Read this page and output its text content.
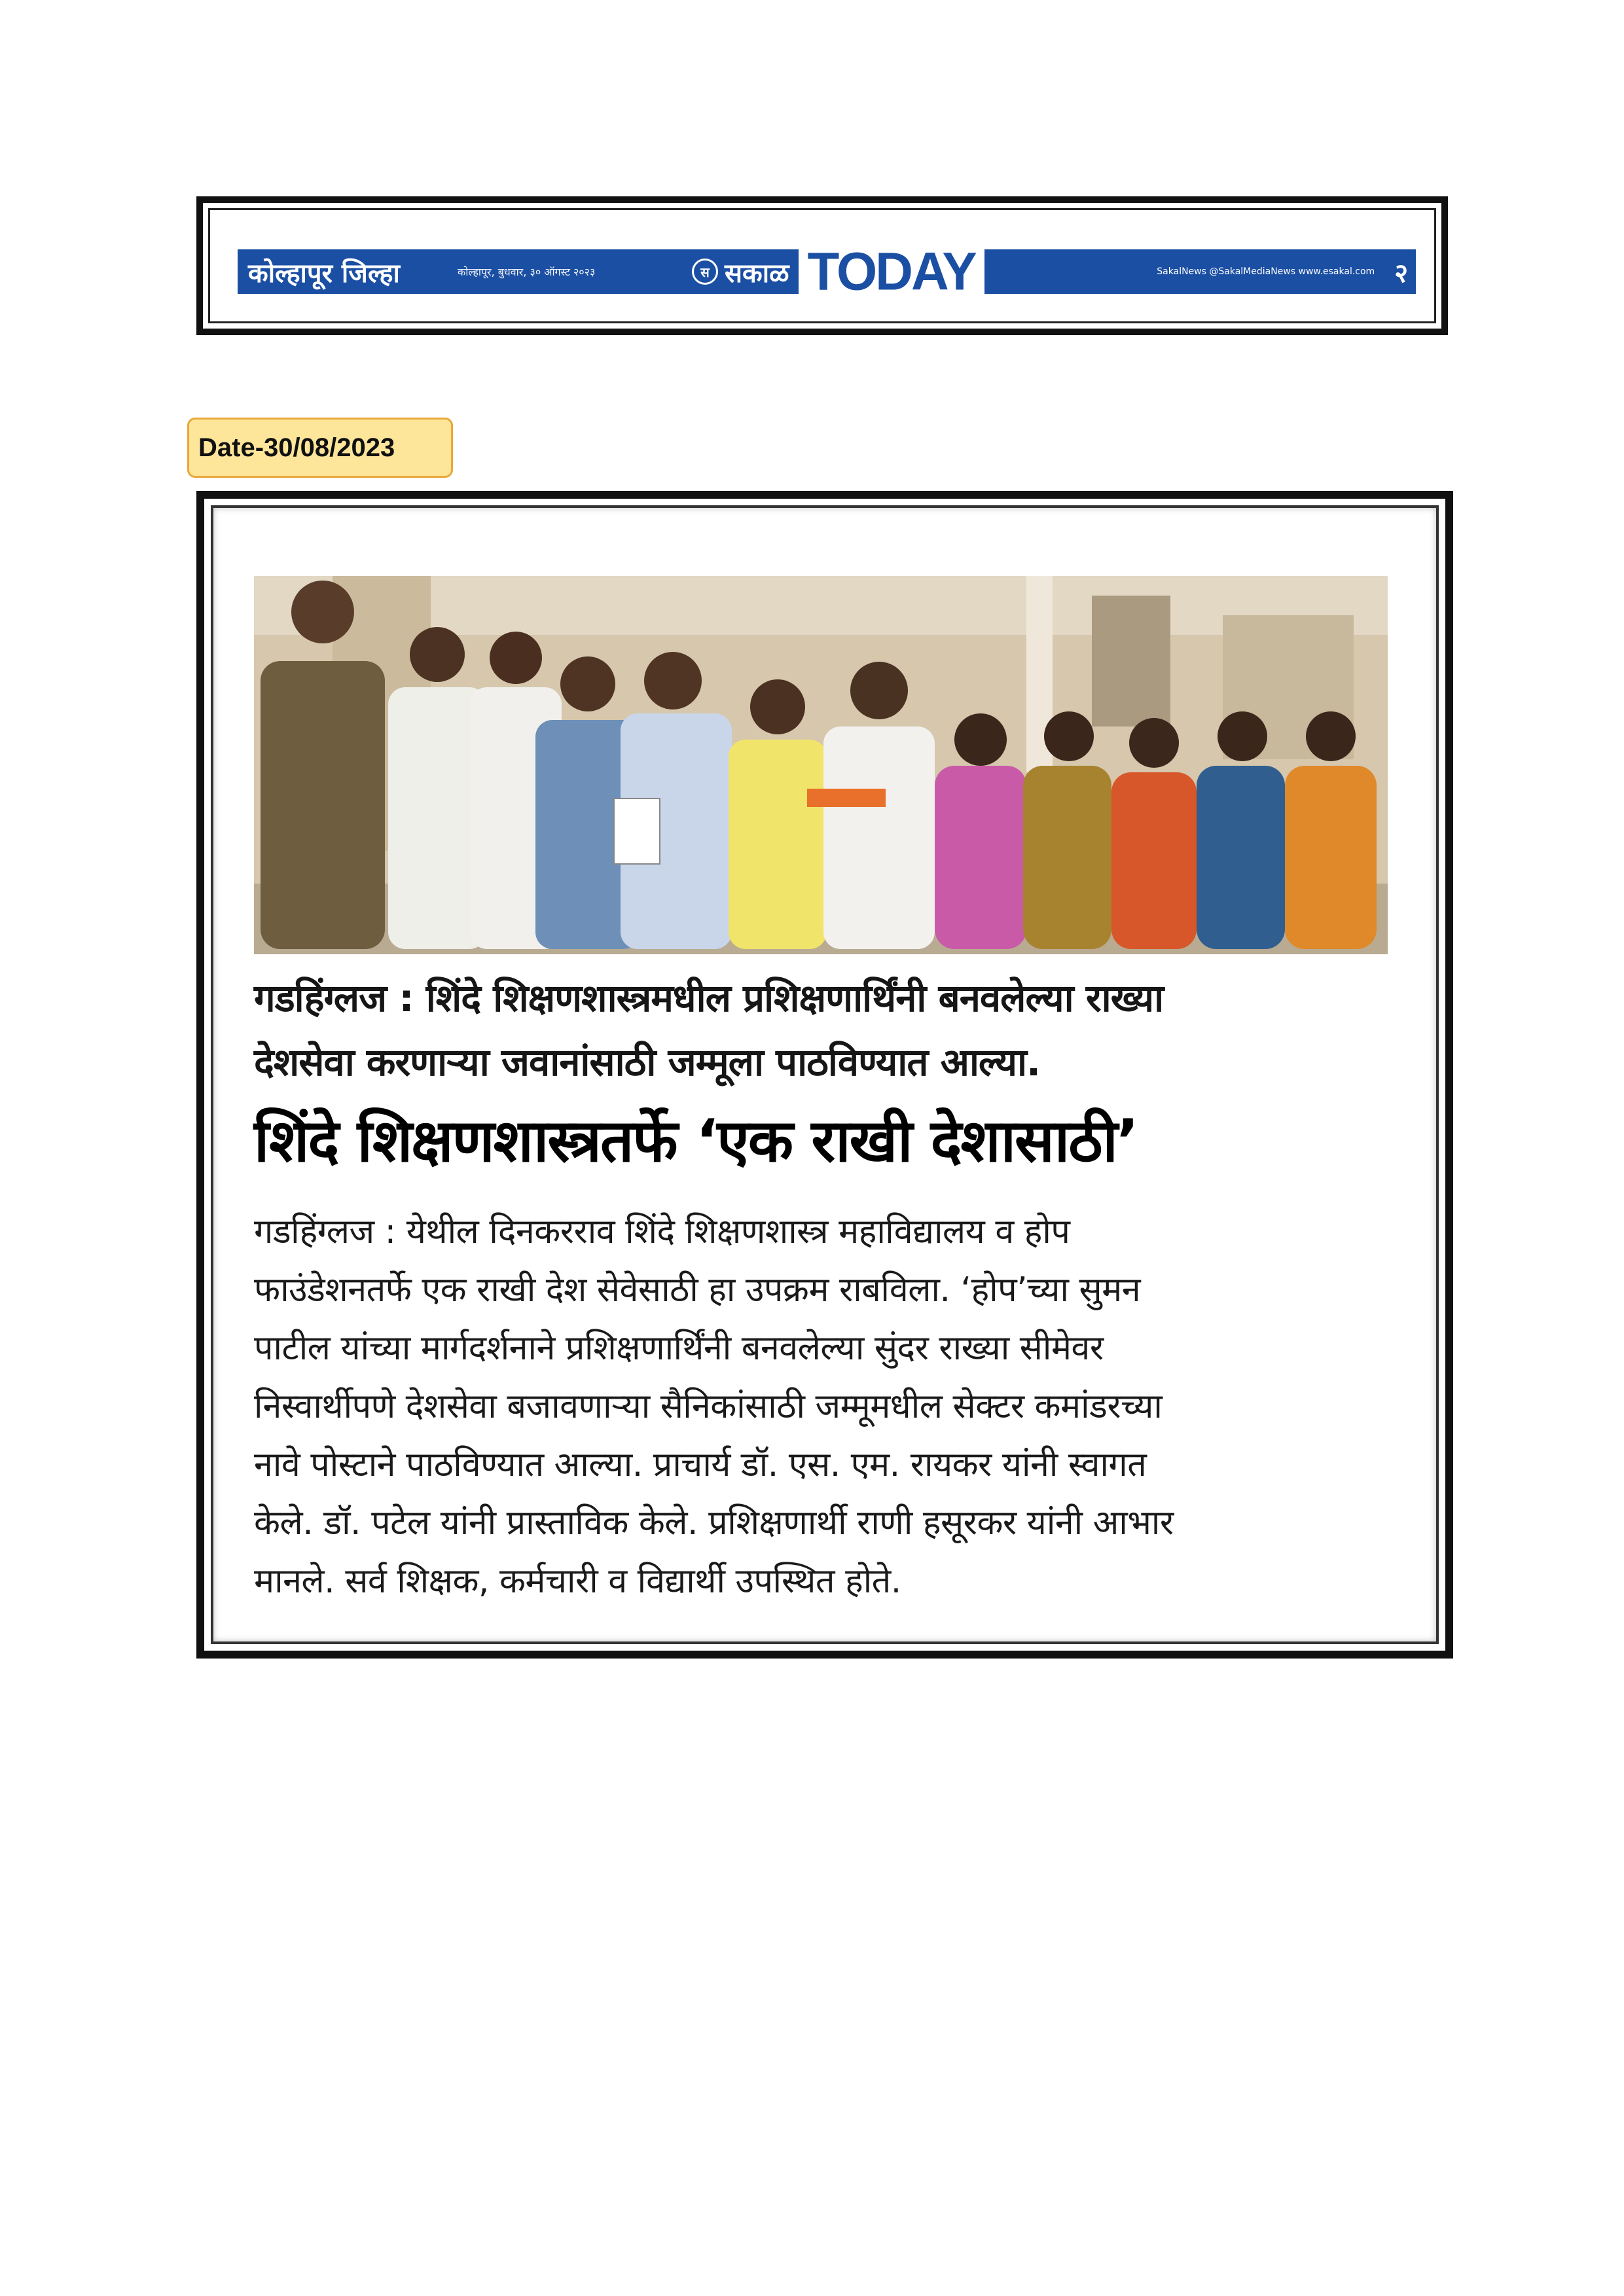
कोल्हापूर जिल्हा	कोल्हापूर, बुधवार, ३० ऑगस्ट २०२३	स सकाळ TODAY	SakalNews @SakalMediaNews www.esakal.com २
Date-30/08/2023
गडहिंग्लज : शिंदे शिक्षणशास्त्रमधील प्रशिक्षणार्थिंनी बनवलेल्या राख्या
देशसेवा करणाऱ्या जवानांसाठी जम्मूला पाठविण्यात आल्या.
शिंदे शिक्षणशास्त्रतर्फे ‘एक राखी देशासाठी’
गडहिंग्लज : येथील दिनकरराव शिंदे शिक्षणशास्त्र महाविद्यालय व होप
फाउंडेशनतर्फे एक राखी देश सेवेसाठी हा उपक्रम राबविला. ‘होप’च्या सुमन
पाटील यांच्या मार्गदर्शनाने प्रशिक्षणार्थिंनी बनवलेल्या सुंदर राख्या सीमेवर
निस्वार्थीपणे देशसेवा बजावणाऱ्या सैनिकांसाठी जम्मूमधील सेक्टर कमांडरच्या
नावे पोस्टाने पाठविण्यात आल्या. प्राचार्य डॉ. एस. एम. रायकर यांनी स्वागत
केले. डॉ. पटेल यांनी प्रास्ताविक केले. प्रशिक्षणार्थी राणी हसूरकर यांनी आभार
मानले. सर्व शिक्षक, कर्मचारी व विद्यार्थी उपस्थित होते.
